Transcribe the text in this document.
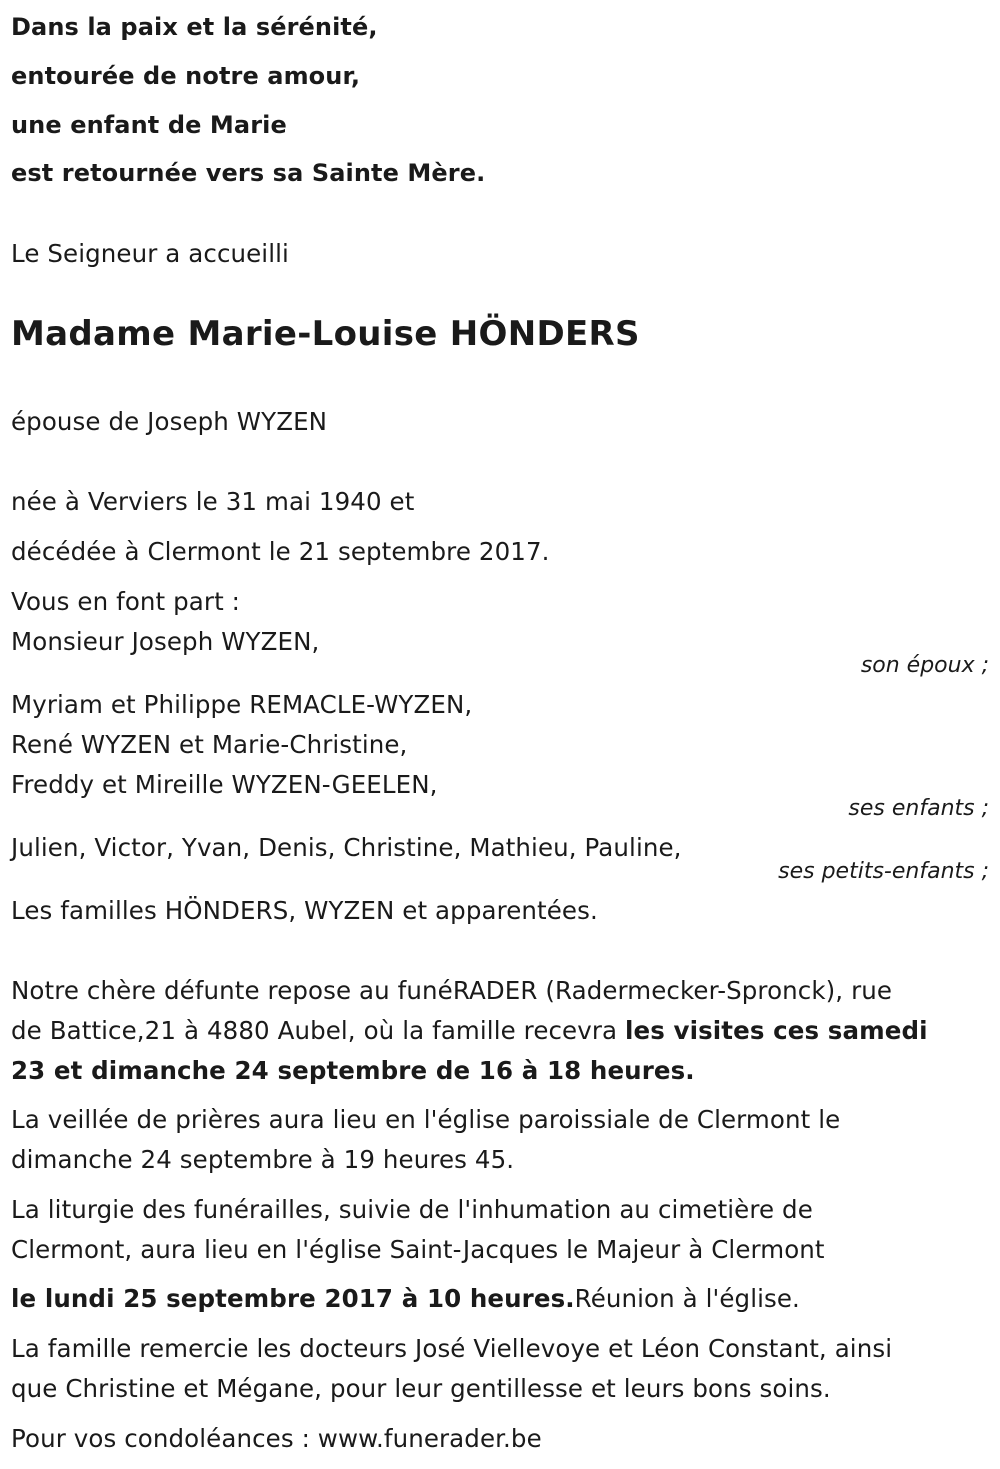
Dans la paix et la sérénité,
entourée de notre amour,
une enfant de Marie
est retournée vers sa Sainte Mère.
Le Seigneur a accueilli
Madame Marie-Louise HÖNDERS
épouse de Joseph WYZEN
née à Verviers le 31 mai 1940 et
décédée à Clermont le 21 septembre 2017.
Vous en font part :
Monsieur Joseph WYZEN,
son époux ;
Myriam et Philippe REMACLE-WYZEN,
René WYZEN et Marie-Christine,
Freddy et Mireille WYZEN-GEELEN,
ses enfants ;
Julien, Victor, Yvan, Denis, Christine, Mathieu, Pauline,
ses petits-enfants ;
Les familles HÖNDERS, WYZEN et apparentées.
Notre chère défunte repose au funéRADER (Radermecker-Spronck), rue
de Battice,21 à 4880 Aubel, où la famille recevra les visites ces samedi
23 et dimanche 24 septembre de 16 à 18 heures.
La veillée de prières aura lieu en l'église paroissiale de Clermont le
dimanche 24 septembre à 19 heures 45.
La liturgie des funérailles, suivie de l'inhumation au cimetière de
Clermont, aura lieu en l'église Saint-Jacques le Majeur à Clermont
le lundi 25 septembre 2017 à 10 heures.Réunion à l'église.
La famille remercie les docteurs José Viellevoye et Léon Constant, ainsi
que Christine et Mégane, pour leur gentillesse et leurs bons soins.
Pour vos condoléances : www.funerader.be
